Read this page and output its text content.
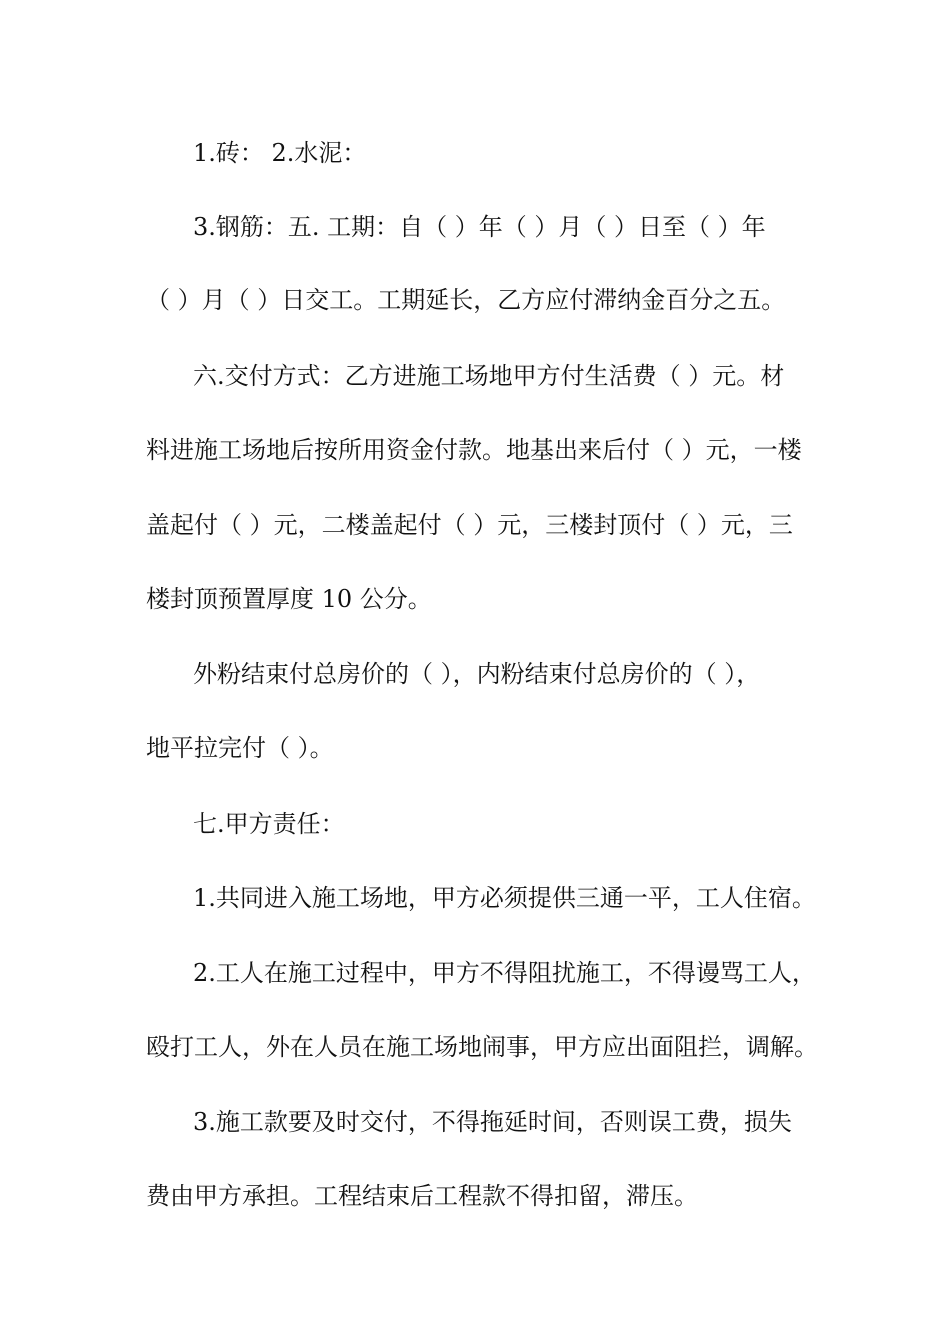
1.砖： 2.水泥：

3.钢筋：五. 工期：自（ ）年（ ）月（ ）日至（ ）年

（ ）月（ ）日交工。工期延长，乙方应付滞纳金百分之五。

六.交付方式：乙方进施工场地甲方付生活费（ ）元。材

料进施工场地后按所用资金付款。地基出来后付（ ）元，一楼

盖起付（ ）元，二楼盖起付（ ）元，三楼封顶付（ ）元，三

楼封顶预置厚度 10 公分。

外粉结束付总房价的（ ），内粉结束付总房价的（ ），

地平拉完付（ ）。

七.甲方责任：

1.共同进入施工场地，甲方必须提供三通一平，工人住宿。

2.工人在施工过程中，甲方不得阻扰施工，不得谩骂工人，

殴打工人，外在人员在施工场地闹事，甲方应出面阻拦，调解。

3.施工款要及时交付，不得拖延时间，否则误工费，损失

费由甲方承担。工程结束后工程款不得扣留，滞压。
